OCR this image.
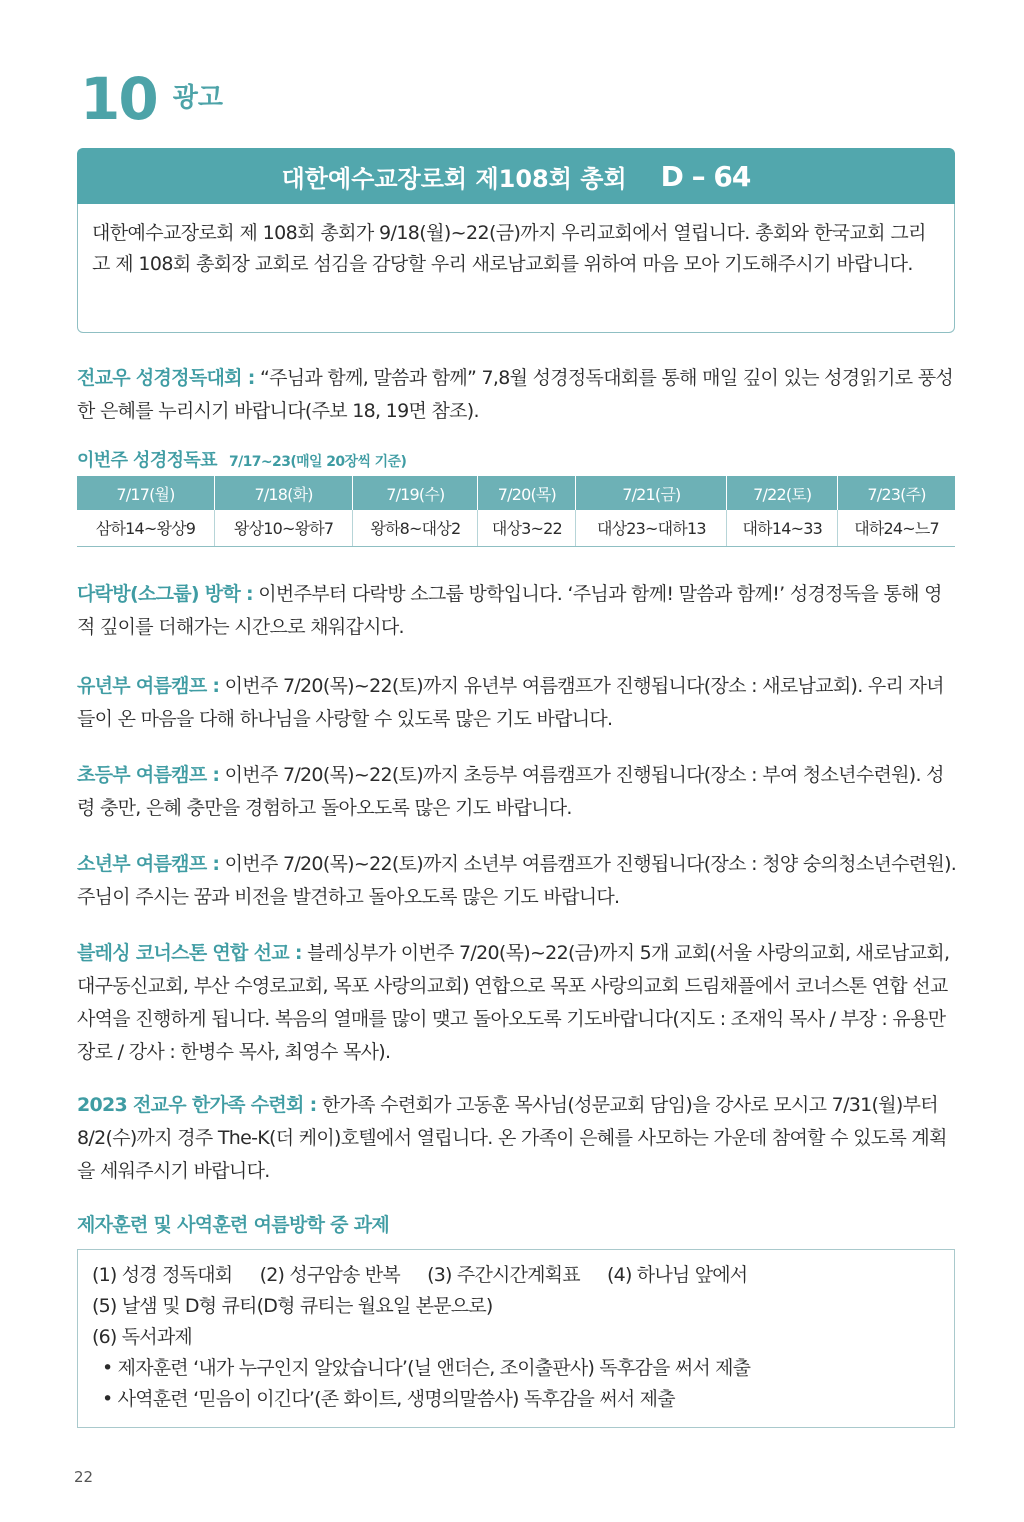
10 광고
대한예수교장로회 제108회 총회 D – 64
대한예수교장로회 제 108회 총회가 9/18(월)~22(금)까지 우리교회에서 열립니다. 총회와 한국교회 그리고 제 108회 총회장 교회로 섬김을 감당할 우리 새로남교회를 위하여 마음 모아 기도해주시기 바랍니다.
전교우 성경정독대회 : “주님과 함께, 말씀과 함께” 7,8월 성경정독대회를 통해 매일 깊이 있는 성경읽기로 풍성한 은혜를 누리시기 바랍니다(주보 18, 19면 참조).
이번주 성경정독표 7/17~23(매일 20장씩 기준)
7/17(월)	7/18(화)	7/19(수)	7/20(목)	7/21(금)	7/22(토)	7/23(주)
삼하14~왕상9	왕상10~왕하7	왕하8~대상2	대상3~22	대상23~대하13	대하14~33	대하24~느7
다락방(소그룹) 방학 : 이번주부터 다락방 소그룹 방학입니다. ‘주님과 함께! 말씀과 함께!’ 성경정독을 통해 영적 깊이를 더해가는 시간으로 채워갑시다.
유년부 여름캠프 : 이번주 7/20(목)~22(토)까지 유년부 여름캠프가 진행됩니다(장소 : 새로남교회). 우리 자녀들이 온 마음을 다해 하나님을 사랑할 수 있도록 많은 기도 바랍니다.
초등부 여름캠프 : 이번주 7/20(목)~22(토)까지 초등부 여름캠프가 진행됩니다(장소 : 부여 청소년수련원). 성령 충만, 은혜 충만을 경험하고 돌아오도록 많은 기도 바랍니다.
소년부 여름캠프 : 이번주 7/20(목)~22(토)까지 소년부 여름캠프가 진행됩니다(장소 : 청양 숭의청소년수련원). 주님이 주시는 꿈과 비전을 발견하고 돌아오도록 많은 기도 바랍니다.
블레싱 코너스톤 연합 선교 : 블레싱부가 이번주 7/20(목)~22(금)까지 5개 교회(서울 사랑의교회, 새로남교회, 대구동신교회, 부산 수영로교회, 목포 사랑의교회) 연합으로 목포 사랑의교회 드림채플에서 코너스톤 연합 선교 사역을 진행하게 됩니다. 복음의 열매를 많이 맺고 돌아오도록 기도바랍니다(지도 : 조재익 목사 / 부장 : 유용만 장로 / 강사 : 한병수 목사, 최영수 목사).
2023 전교우 한가족 수련회 : 한가족 수련회가 고동훈 목사님(성문교회 담임)을 강사로 모시고 7/31(월)부터 8/2(수)까지 경주 The-K(더 케이)호텔에서 열립니다. 온 가족이 은혜를 사모하는 가운데 참여할 수 있도록 계획을 세워주시기 바랍니다.
제자훈련 및 사역훈련 여름방학 중 과제
(1) 성경 정독대회 (2) 성구암송 반복 (3) 주간시간계획표 (4) 하나님 앞에서
(5) 날샘 및 D형 큐티(D형 큐티는 월요일 본문으로)
(6) 독서과제
• 제자훈련 ‘내가 누구인지 알았습니다’(닐 앤더슨, 조이출판사) 독후감을 써서 제출
• 사역훈련 ‘믿음이 이긴다’(존 화이트, 생명의말씀사) 독후감을 써서 제출
22
